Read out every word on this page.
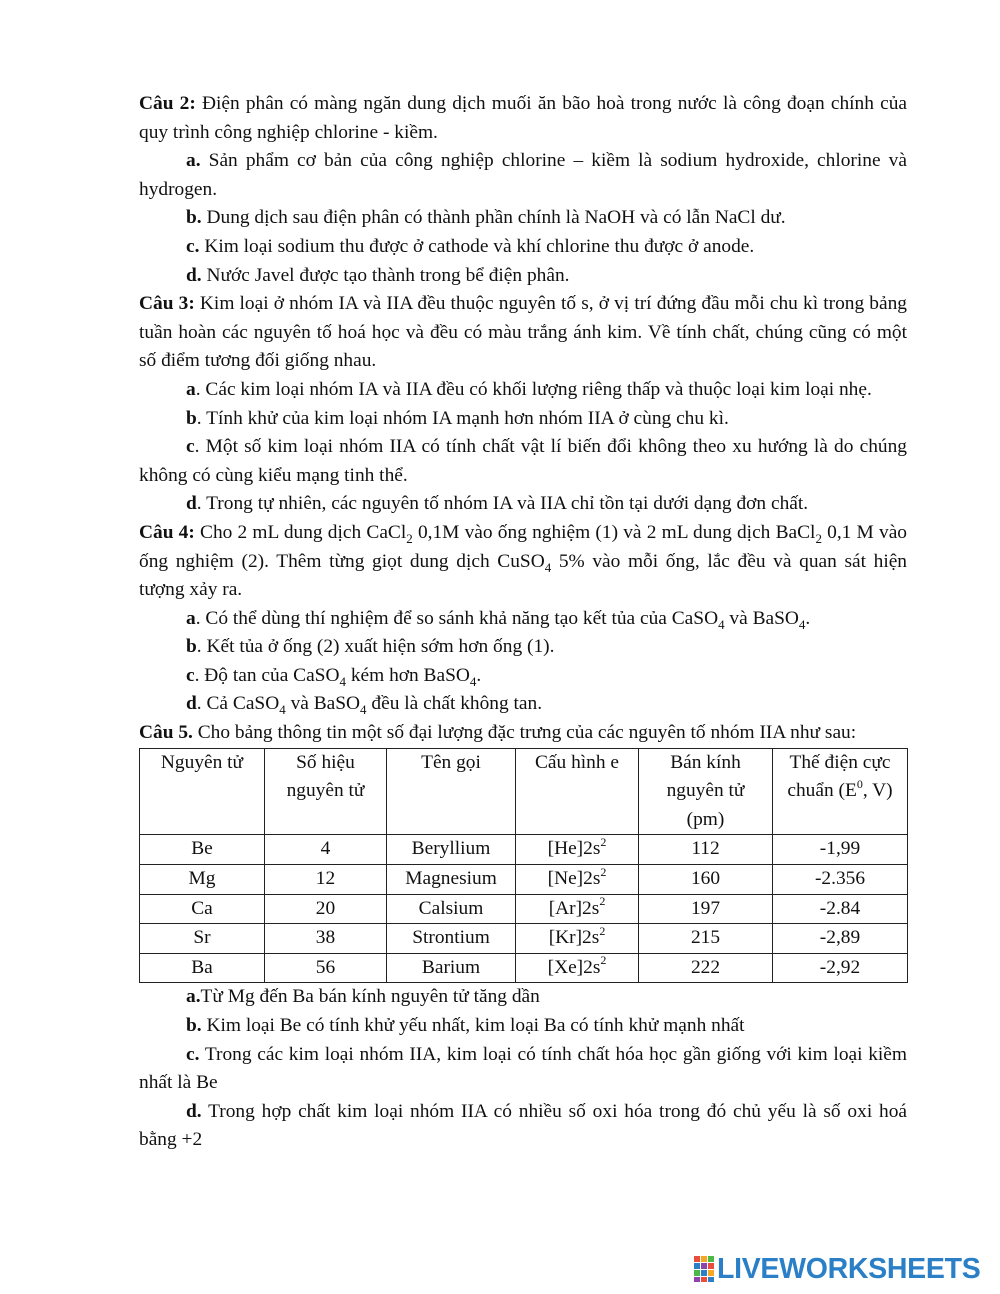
Câu 2: Điện phân có màng ngăn dung dịch muối ăn bão hoà trong nước là công đoạn chính của quy trình công nghiệp chlorine - kiềm.

a. Sản phẩm cơ bản của công nghiệp chlorine – kiềm là sodium hydroxide, chlorine và hydrogen.

b. Dung dịch sau điện phân có thành phần chính là NaOH và có lẫn NaCl dư.

c. Kim loại sodium thu được ở cathode và khí chlorine thu được ở anode.

d. Nước Javel được tạo thành trong bể điện phân.

Câu 3: Kim loại ở nhóm IA và IIA đều thuộc nguyên tố s, ở vị trí đứng đầu mỗi chu kì trong bảng tuần hoàn các nguyên tố hoá học và đều có màu trắng ánh kim. Về tính chất, chúng cũng có một số điểm tương đối giống nhau.

a. Các kim loại nhóm IA và IIA đều có khối lượng riêng thấp và thuộc loại kim loại nhẹ.

b. Tính khử của kim loại nhóm IA mạnh hơn nhóm IIA ở cùng chu kì.

c. Một số kim loại nhóm IIA có tính chất vật lí biến đổi không theo xu hướng là do chúng không có cùng kiểu mạng tinh thể.

d. Trong tự nhiên, các nguyên tố nhóm IA và IIA chỉ tồn tại dưới dạng đơn chất.

Câu 4: Cho 2 mL dung dịch CaCl$_2$ 0,1M vào ống nghiệm (1) và 2 mL dung dịch BaCl$_2$ 0,1 M vào ống nghiệm (2). Thêm từng giọt dung dịch CuSO$_4$ 5% vào mỗi ống, lắc đều và quan sát hiện tượng xảy ra.

a. Có thể dùng thí nghiệm để so sánh khả năng tạo kết tủa của CaSO$_4$ và BaSO$_4$.

b. Kết tủa ở ống (2) xuất hiện sớm hơn ống (1).

c. Độ tan của CaSO$_4$ kém hơn BaSO$_4$.

d. Cả CaSO$_4$ và BaSO$_4$ đều là chất không tan.

Câu 5. Cho bảng thông tin một số đại lượng đặc trưng của các nguyên tố nhóm IIA như sau:

Nguyên tử	Số hiệu nguyên tử	Tên gọi	Cấu hình e	Bán kính nguyên tử (pm)	Thế điện cực chuẩn ($E^0$, V)
Be	4	Beryllium	$[He]2s^2$	112	-1,99
Mg	12	Magnesium	$[Ne]2s^2$	160	-2.356
Ca	20	Calsium	$[Ar]2s^2$	197	-2.84
Sr	38	Strontium	$[Kr]2s^2$	215	-2,89
Ba	56	Barium	$[Xe]2s^2$	222	-2,92

a.Từ Mg đến Ba bán kính nguyên tử tăng dần

b. Kim loại Be có tính khử yếu nhất, kim loại Ba có tính khử mạnh nhất

c. Trong các kim loại nhóm IIA, kim loại có tính chất hóa học gần giống với kim loại kiềm nhất là Be

d. Trong hợp chất kim loại nhóm IIA có nhiều số oxi hóa trong đó chủ yếu là số oxi hoá bằng +2

LIVEWORKSHEETS
